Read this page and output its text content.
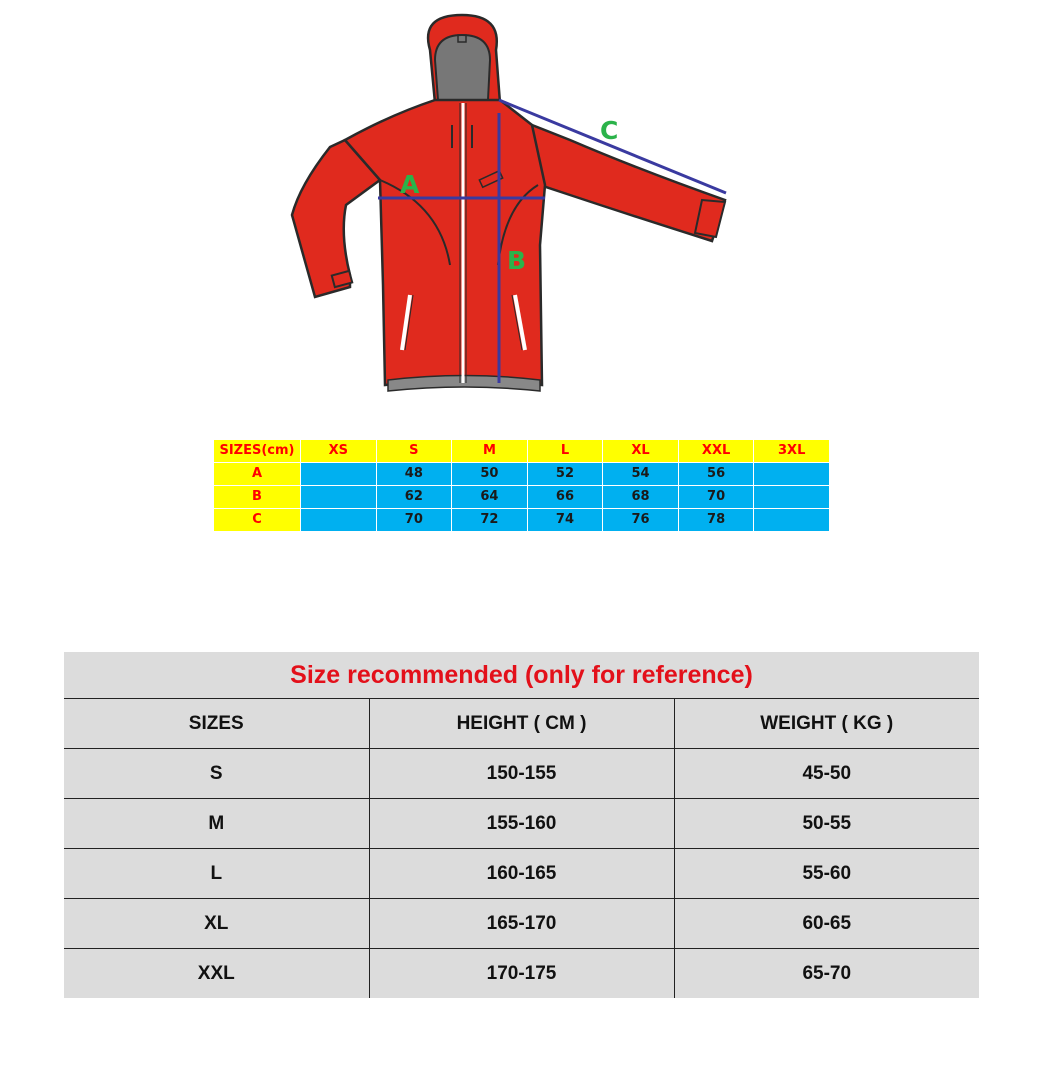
A
B
C
SIZES(cm)	XS	S	M	L	XL	XXL	3XL
A		48	50	52	54	56	
B		62	64	66	68	70	
C		70	72	74	76	78	
Size recommended (only for reference)		
SIZES	HEIGHT ( CM )	WEIGHT ( KG )
S	150-155	45-50
M	155-160	50-55
L	160-165	55-60
XL	165-170	60-65
XXL	170-175	65-70
